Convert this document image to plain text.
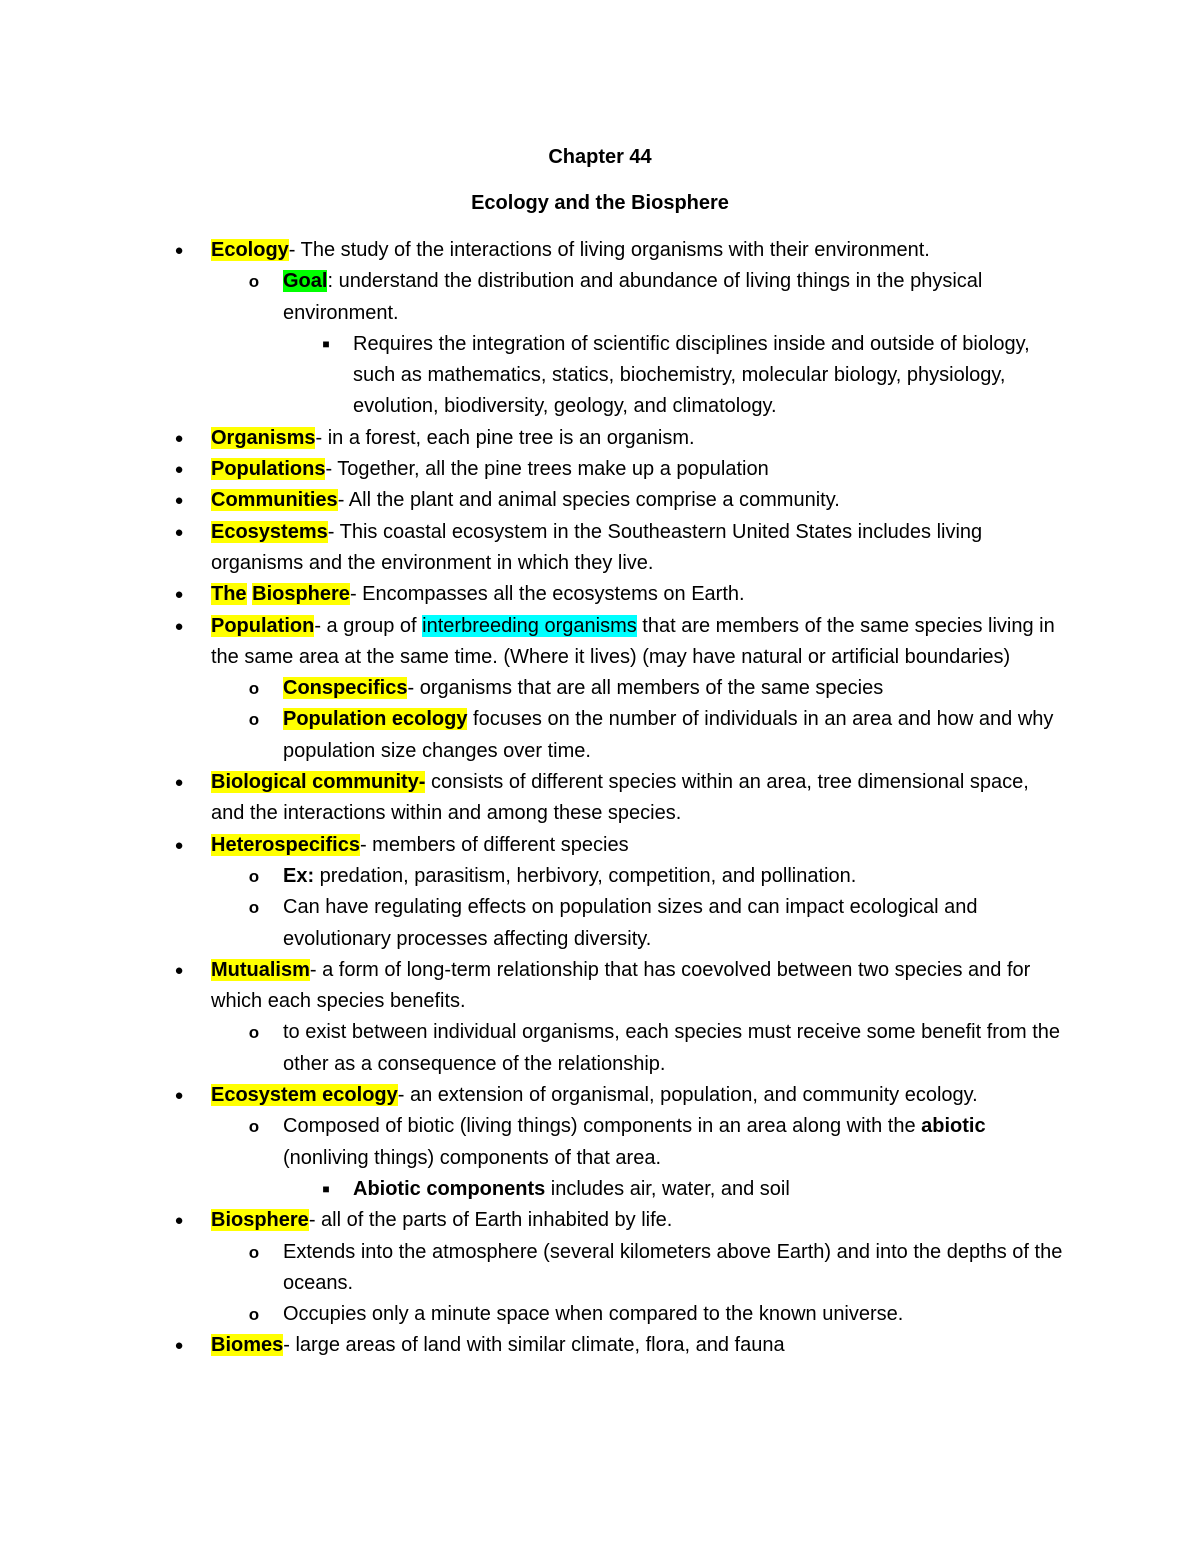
Chapter 44
Ecology and the Biosphere
● Ecology- The study of the interactions of living organisms with their environment.
o Goal: understand the distribution and abundance of living things in the physical environment.
■ Requires the integration of scientific disciplines inside and outside of biology, such as mathematics, statics, biochemistry, molecular biology, physiology, evolution, biodiversity, geology, and climatology.
● Organisms- in a forest, each pine tree is an organism.
● Populations- Together, all the pine trees make up a population
● Communities- All the plant and animal species comprise a community.
● Ecosystems- This coastal ecosystem in the Southeastern United States includes living organisms and the environment in which they live.
● The Biosphere- Encompasses all the ecosystems on Earth.
● Population- a group of interbreeding organisms that are members of the same species living in the same area at the same time. (Where it lives) (may have natural or artificial boundaries)
o Conspecifics- organisms that are all members of the same species
o Population ecology focuses on the number of individuals in an area and how and why population size changes over time.
● Biological community- consists of different species within an area, tree dimensional space, and the interactions within and among these species.
● Heterospecifics- members of different species
o Ex: predation, parasitism, herbivory, competition, and pollination.
o Can have regulating effects on population sizes and can impact ecological and evolutionary processes affecting diversity.
● Mutualism- a form of long-term relationship that has coevolved between two species and for which each species benefits.
o to exist between individual organisms, each species must receive some benefit from the other as a consequence of the relationship.
● Ecosystem ecology- an extension of organismal, population, and community ecology.
o Composed of biotic (living things) components in an area along with the abiotic (nonliving things) components of that area.
■ Abiotic components includes air, water, and soil
● Biosphere- all of the parts of Earth inhabited by life.
o Extends into the atmosphere (several kilometers above Earth) and into the depths of the oceans.
o Occupies only a minute space when compared to the known universe.
● Biomes- large areas of land with similar climate, flora, and fauna
